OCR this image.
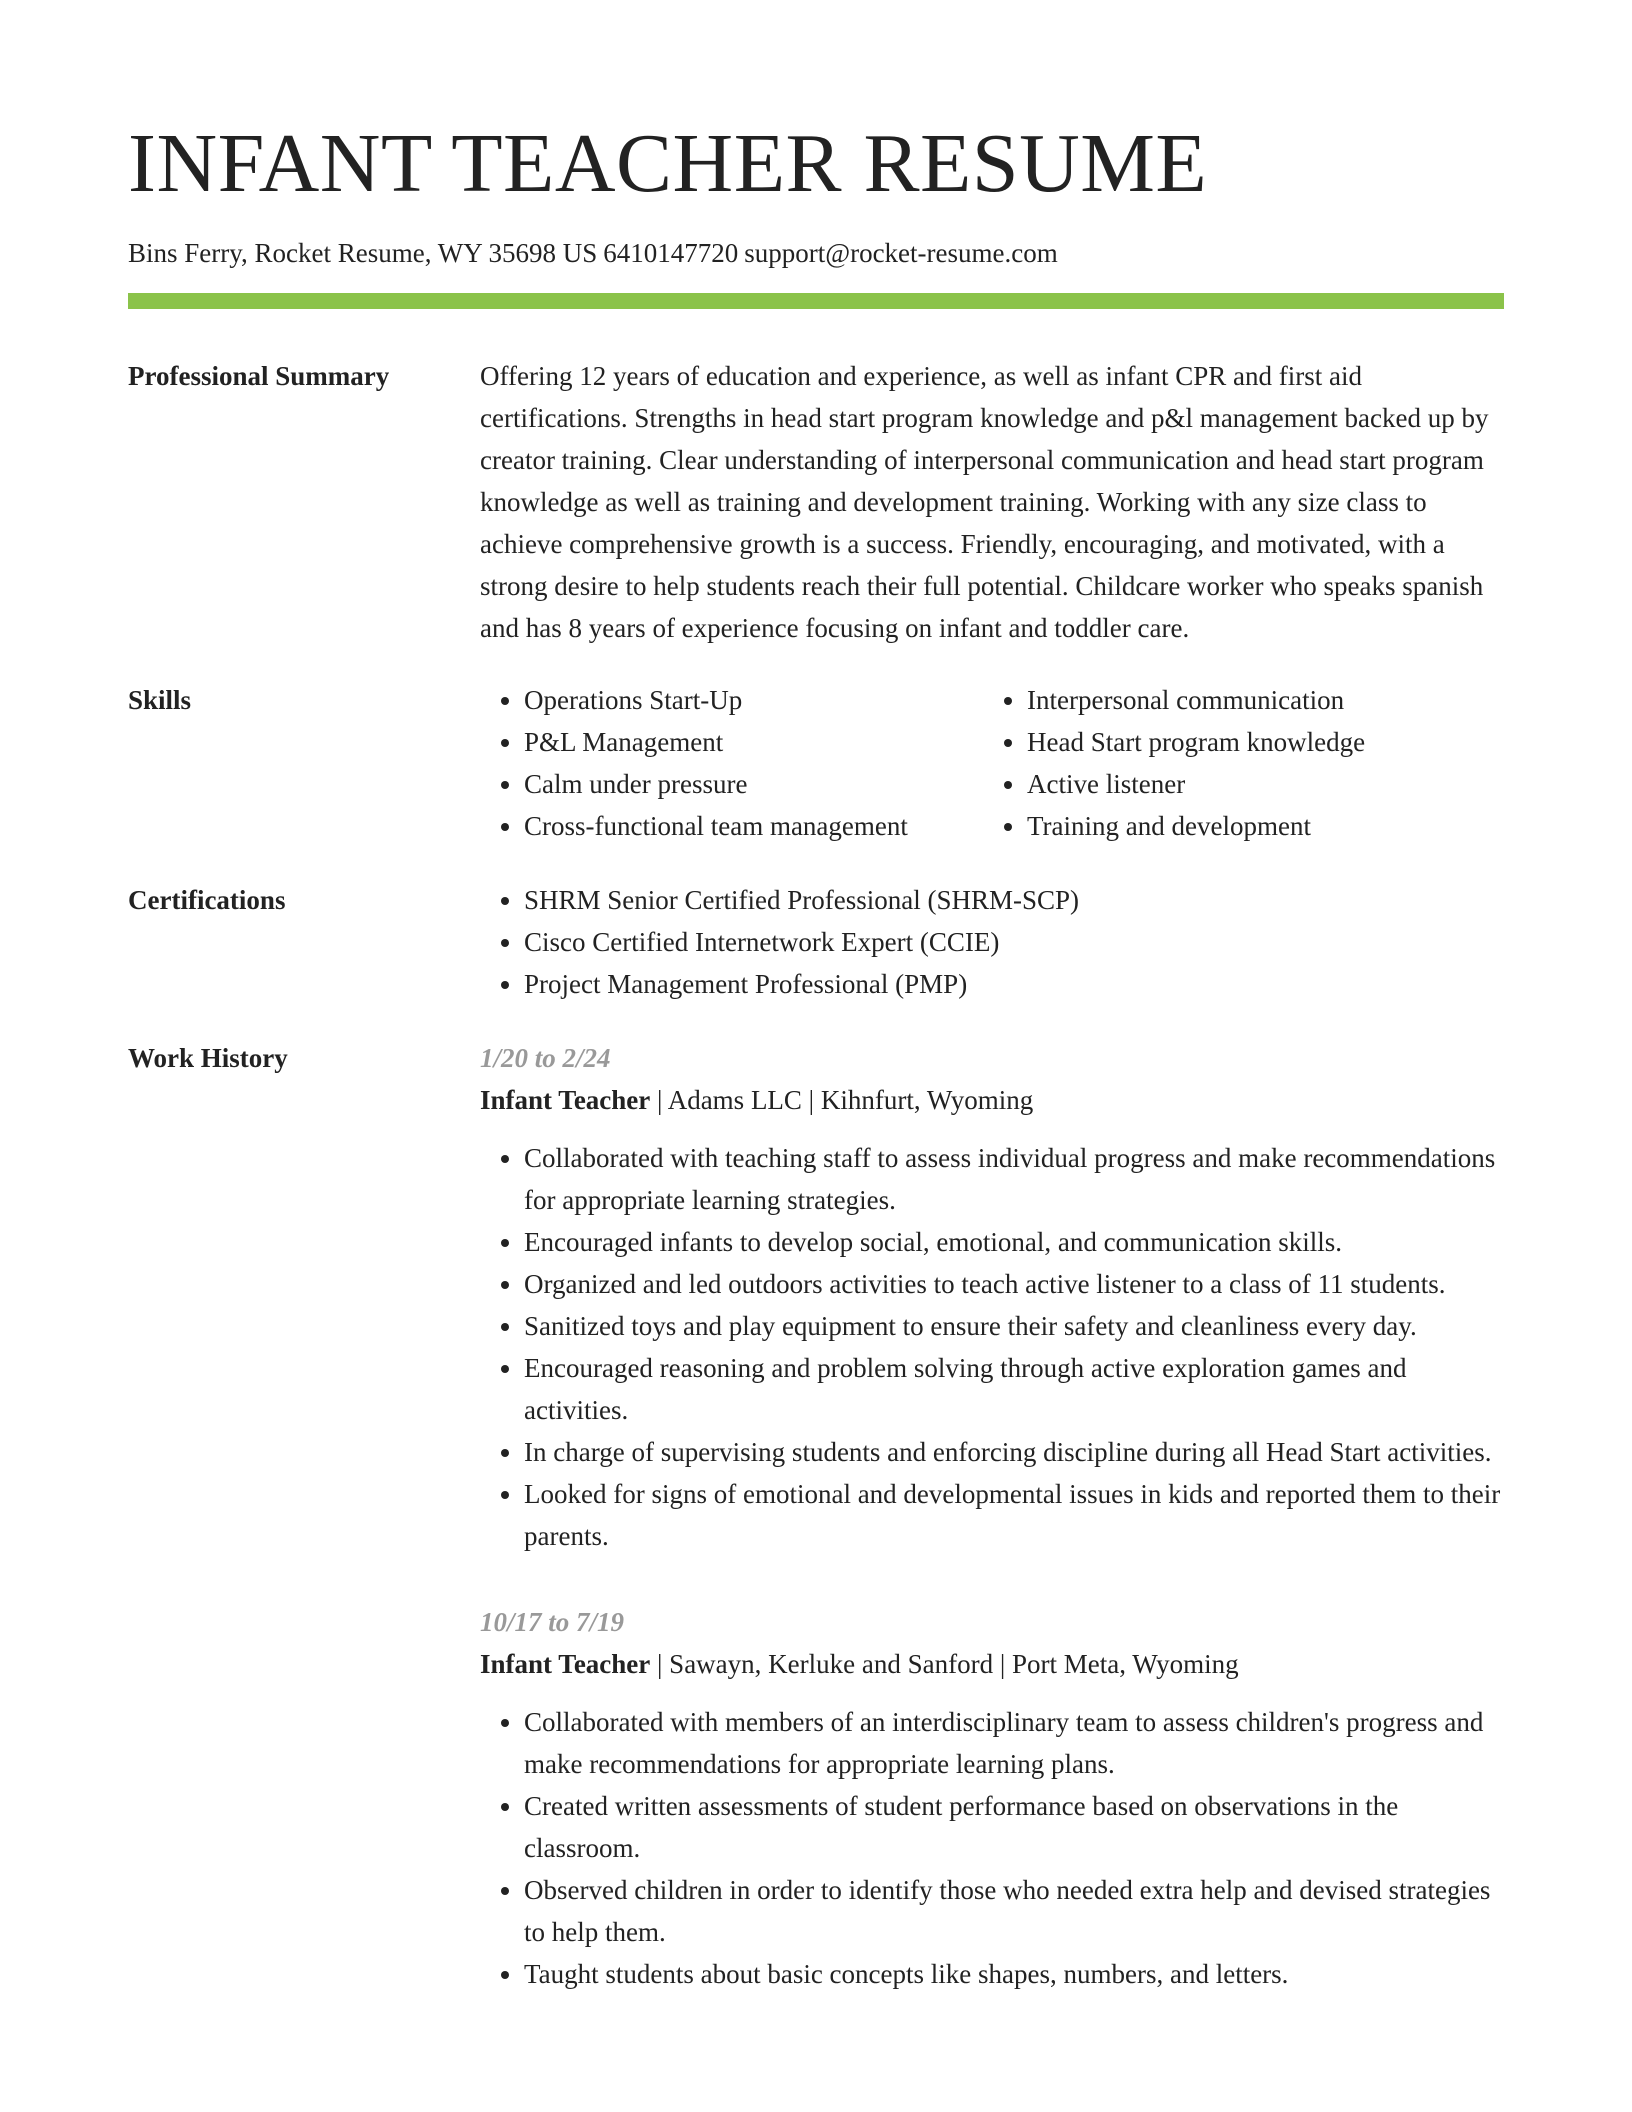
INFANT TEACHER RESUME
Bins Ferry, Rocket Resume, WY 35698 US 6410147720 support@rocket-resume.com
Professional Summary	Offering 12 years of education and experience, as well as infant CPR and first aid certifications. Strengths in head start program knowledge and p&l management backed up by creator training. Clear understanding of interpersonal communication and head start program knowledge as well as training and development training. Working with any size class to achieve comprehensive growth is a success. Friendly, encouraging, and motivated, with a strong desire to help students reach their full potential. Childcare worker who speaks spanish and has 8 years of experience focusing on infant and toddler care.

Skills	• Operations Start-Up
• P&L Management
• Calm under pressure
• Cross-functional team management
• Interpersonal communication
• Head Start program knowledge
• Active listener
• Training and development
Certifications	• SHRM Senior Certified Professional (SHRM-SCP)
• Cisco Certified Internetwork Expert (CCIE)
• Project Management Professional (PMP)
Work History	1/20 to 2/24
Infant Teacher | Adams LLC | Kihnfurt, Wyoming
• Collaborated with teaching staff to assess individual progress and make recommendations for appropriate learning strategies.
• Encouraged infants to develop social, emotional, and communication skills.
• Organized and led outdoors activities to teach active listener to a class of 11 students.
• Sanitized toys and play equipment to ensure their safety and cleanliness every day.
• Encouraged reasoning and problem solving through active exploration games and activities.
• In charge of supervising students and enforcing discipline during all Head Start activities.
• Looked for signs of emotional and developmental issues in kids and reported them to their parents.
10/17 to 7/19
Infant Teacher | Sawayn, Kerluke and Sanford | Port Meta, Wyoming
• Collaborated with members of an interdisciplinary team to assess children's progress and make recommendations for appropriate learning plans.
• Created written assessments of student performance based on observations in the classroom.
• Observed children in order to identify those who needed extra help and devised strategies to help them.
• Taught students about basic concepts like shapes, numbers, and letters.
